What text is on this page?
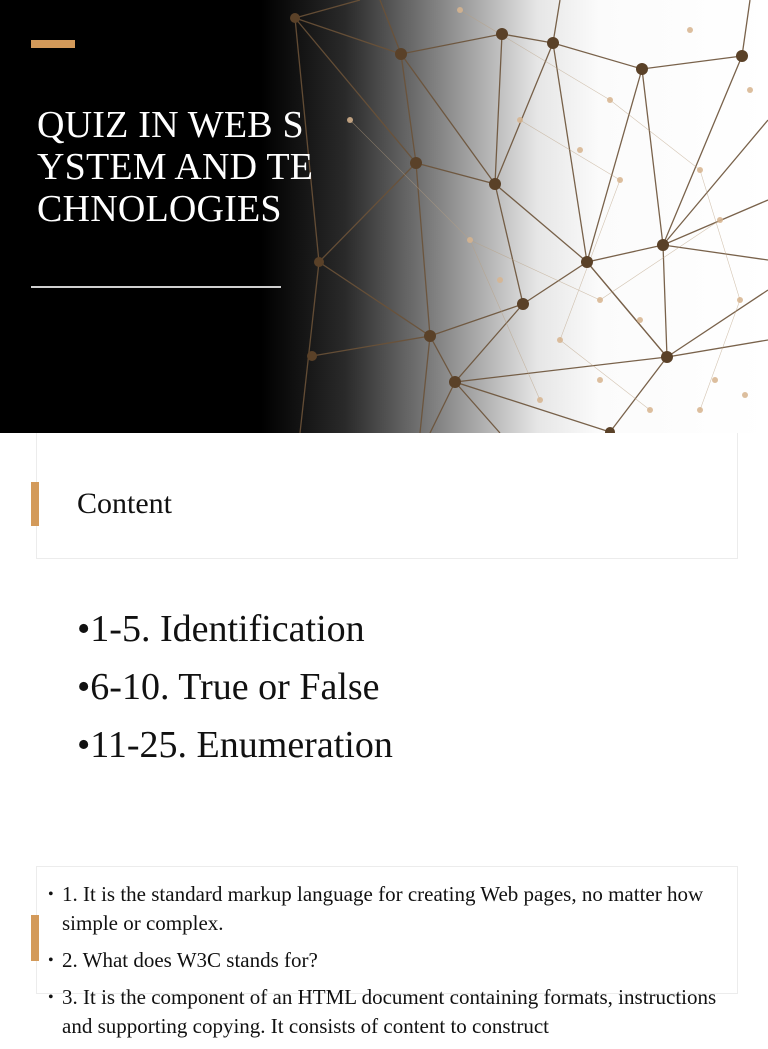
QUIZ IN WEB SYSTEM AND TECHNOLOGIES
Content
•1-5. Identification
•6-10. True or False
•11-25. Enumeration
• 1. It is the standard markup language for creating Web pages, no matter how simple or complex.
• 2. What does W3C stands for?
• 3. It is the component of an HTML document containing formats, instructions and supporting copying. It consists of content to construct
